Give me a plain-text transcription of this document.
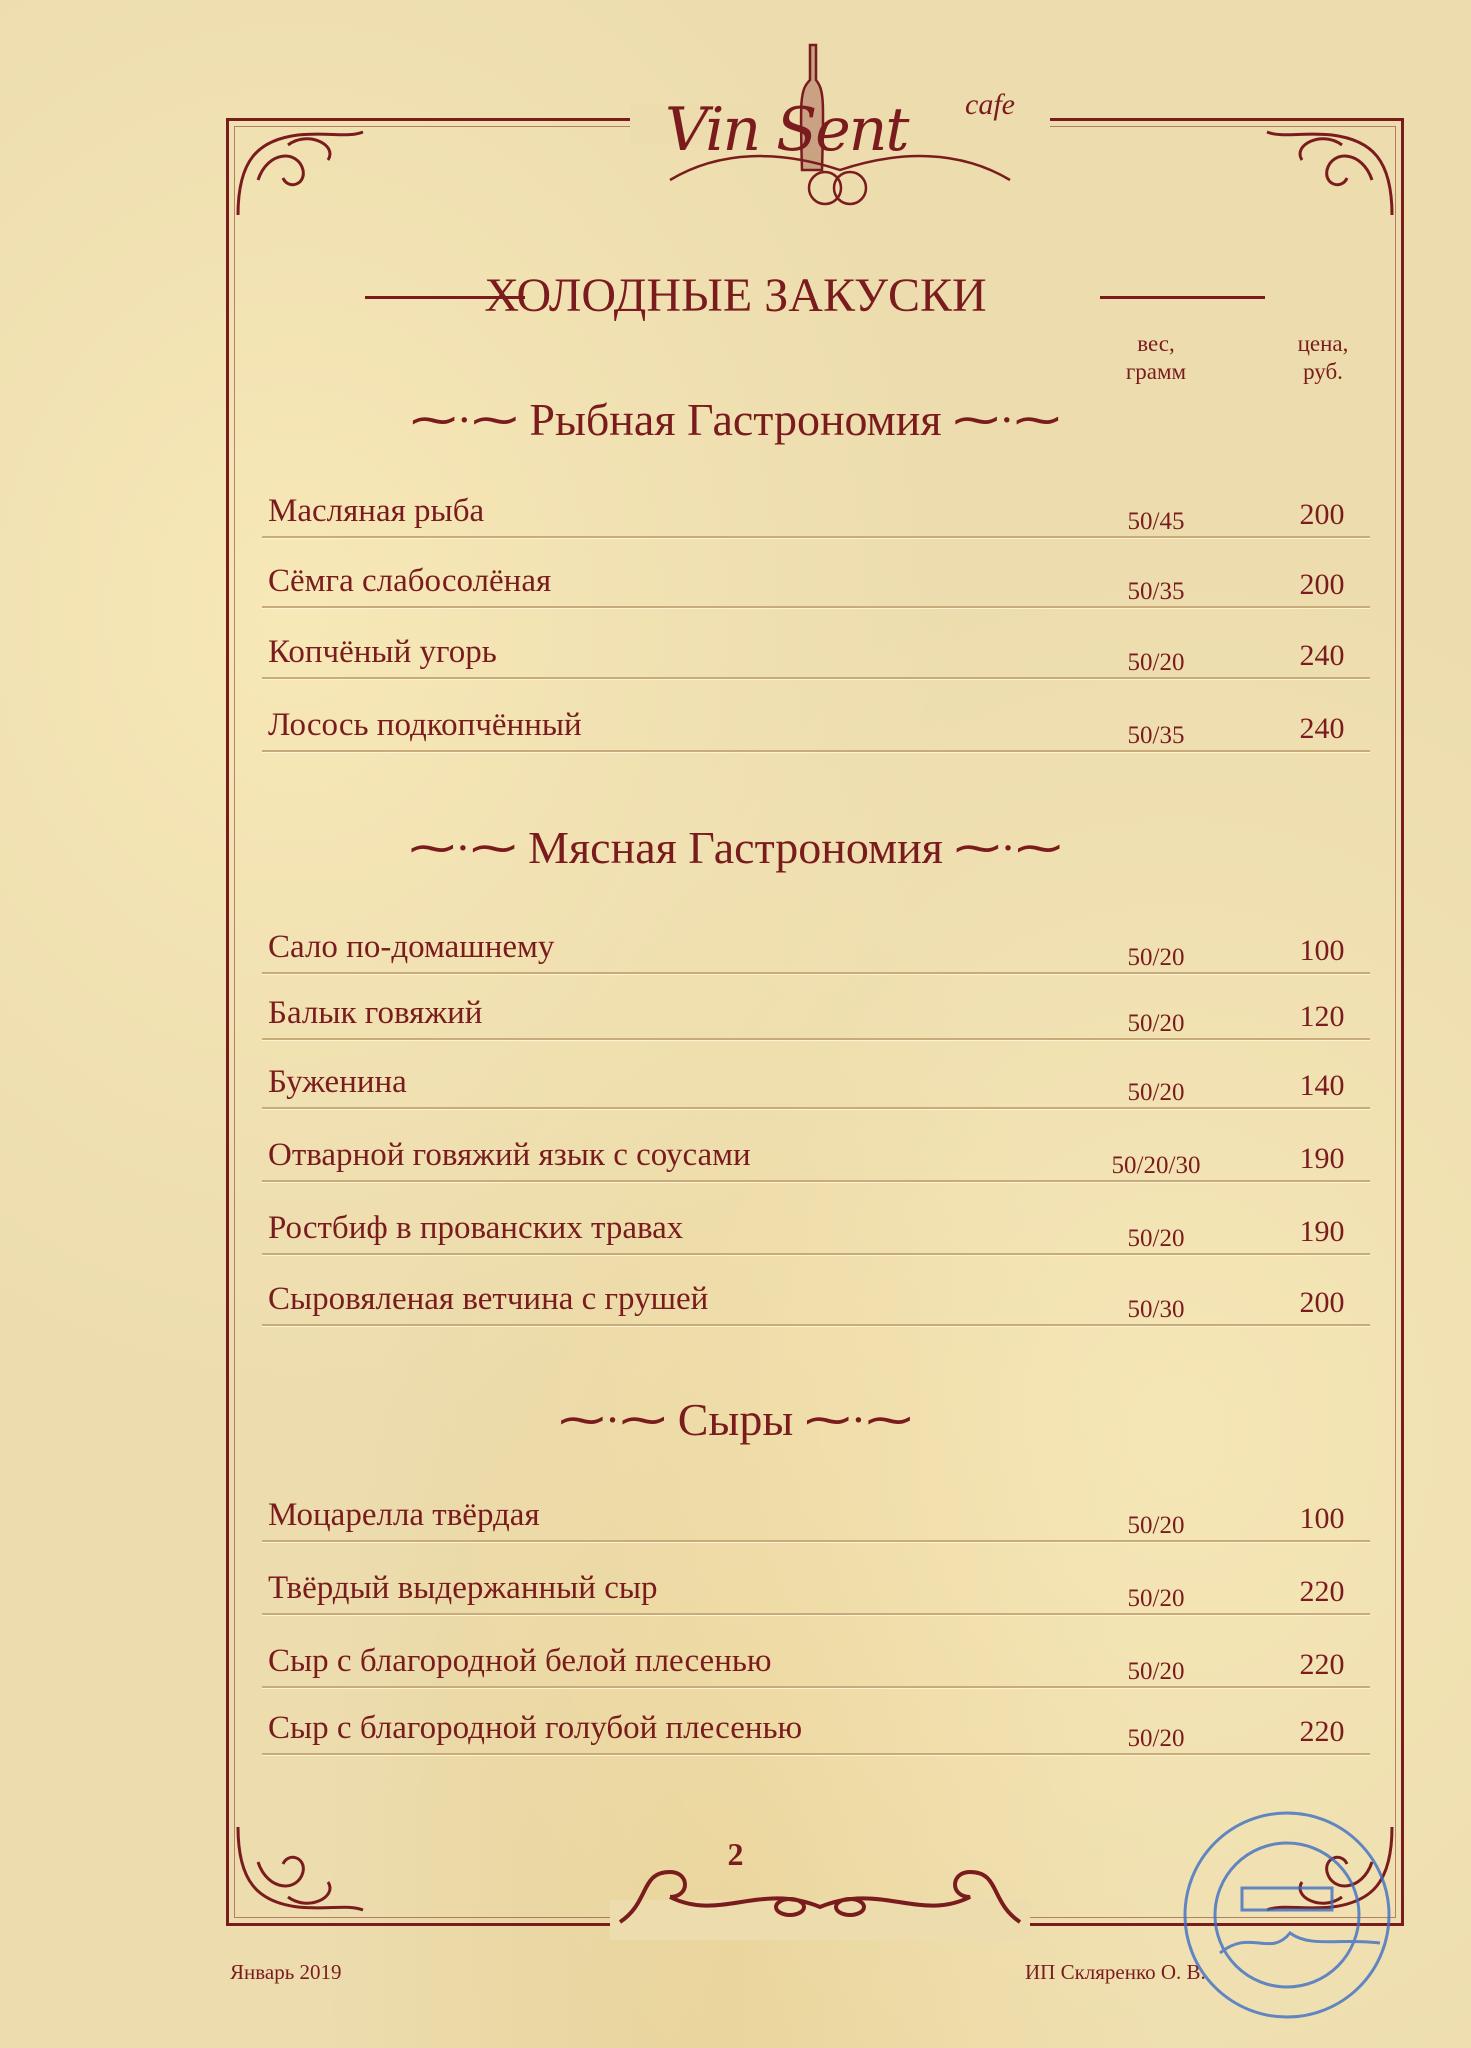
Vin Sent cafe
ХОЛОДНЫЕ ЗАКУСКИ
вес,
грамм
цена,
руб.
⁓·⁓ Рыбная Гастрономия ⁓·⁓
Масляная рыба	50/45	200
Сёмга слабосолёная	50/35	200
Копчёный угорь	50/20	240
Лосось подкопчённый	50/35	240
⁓·⁓ Мясная Гастрономия ⁓·⁓
Сало по-домашнему	50/20	100
Балык говяжий	50/20	120
Буженина	50/20	140
Отварной говяжий язык с соусами	50/20/30	190
Ростбиф в прованских травах	50/20	190
Сыровяленая ветчина с грушей	50/30	200
⁓·⁓ Сыры ⁓·⁓
Моцарелла твёрдая	50/20	100
Твёрдый выдержанный сыр	50/20	220
Сыр с благородной белой плесенью	50/20	220
Сыр с благородной голубой плесенью	50/20	220
2
Январь 2019	ИП Скляренко О. В.
